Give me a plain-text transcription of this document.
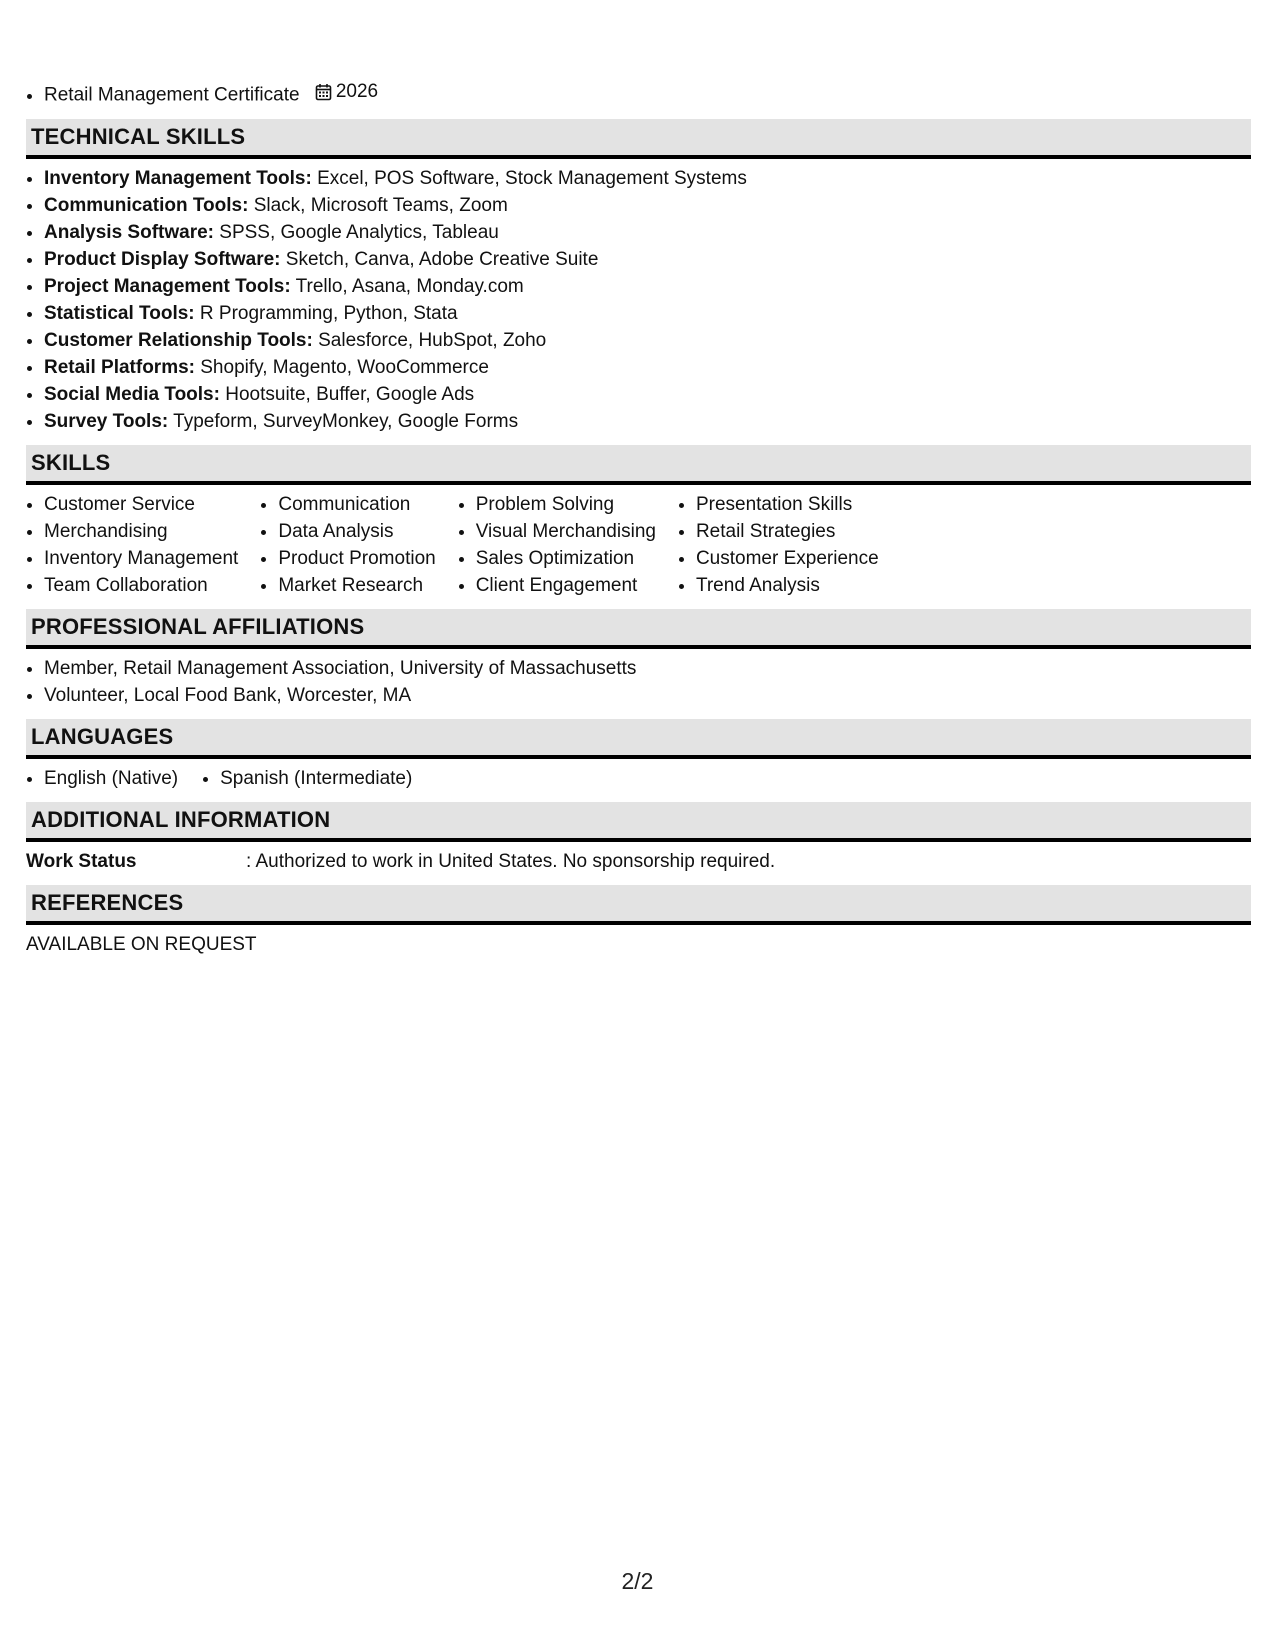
• Retail Management Certificate 2026
TECHNICAL SKILLS
• Inventory Management Tools: Excel, POS Software, Stock Management Systems
• Communication Tools: Slack, Microsoft Teams, Zoom
• Analysis Software: SPSS, Google Analytics, Tableau
• Product Display Software: Sketch, Canva, Adobe Creative Suite
• Project Management Tools: Trello, Asana, Monday.com
• Statistical Tools: R Programming, Python, Stata
• Customer Relationship Tools: Salesforce, HubSpot, Zoho
• Retail Platforms: Shopify, Magento, WooCommerce
• Social Media Tools: Hootsuite, Buffer, Google Ads
• Survey Tools: Typeform, SurveyMonkey, Google Forms
SKILLS
• Customer Service
• Merchandising
• Inventory Management
• Team Collaboration
• Communication
• Data Analysis
• Product Promotion
• Market Research
• Problem Solving
• Visual Merchandising
• Sales Optimization
• Client Engagement
• Presentation Skills
• Retail Strategies
• Customer Experience
• Trend Analysis
PROFESSIONAL AFFILIATIONS
• Member, Retail Management Association, University of Massachusetts
• Volunteer, Local Food Bank, Worcester, MA
LANGUAGES
• English (Native)
• Spanish (Intermediate)
ADDITIONAL INFORMATION
Work Status	: Authorized to work in United States. No sponsorship required.
REFERENCES
AVAILABLE ON REQUEST
2/2
